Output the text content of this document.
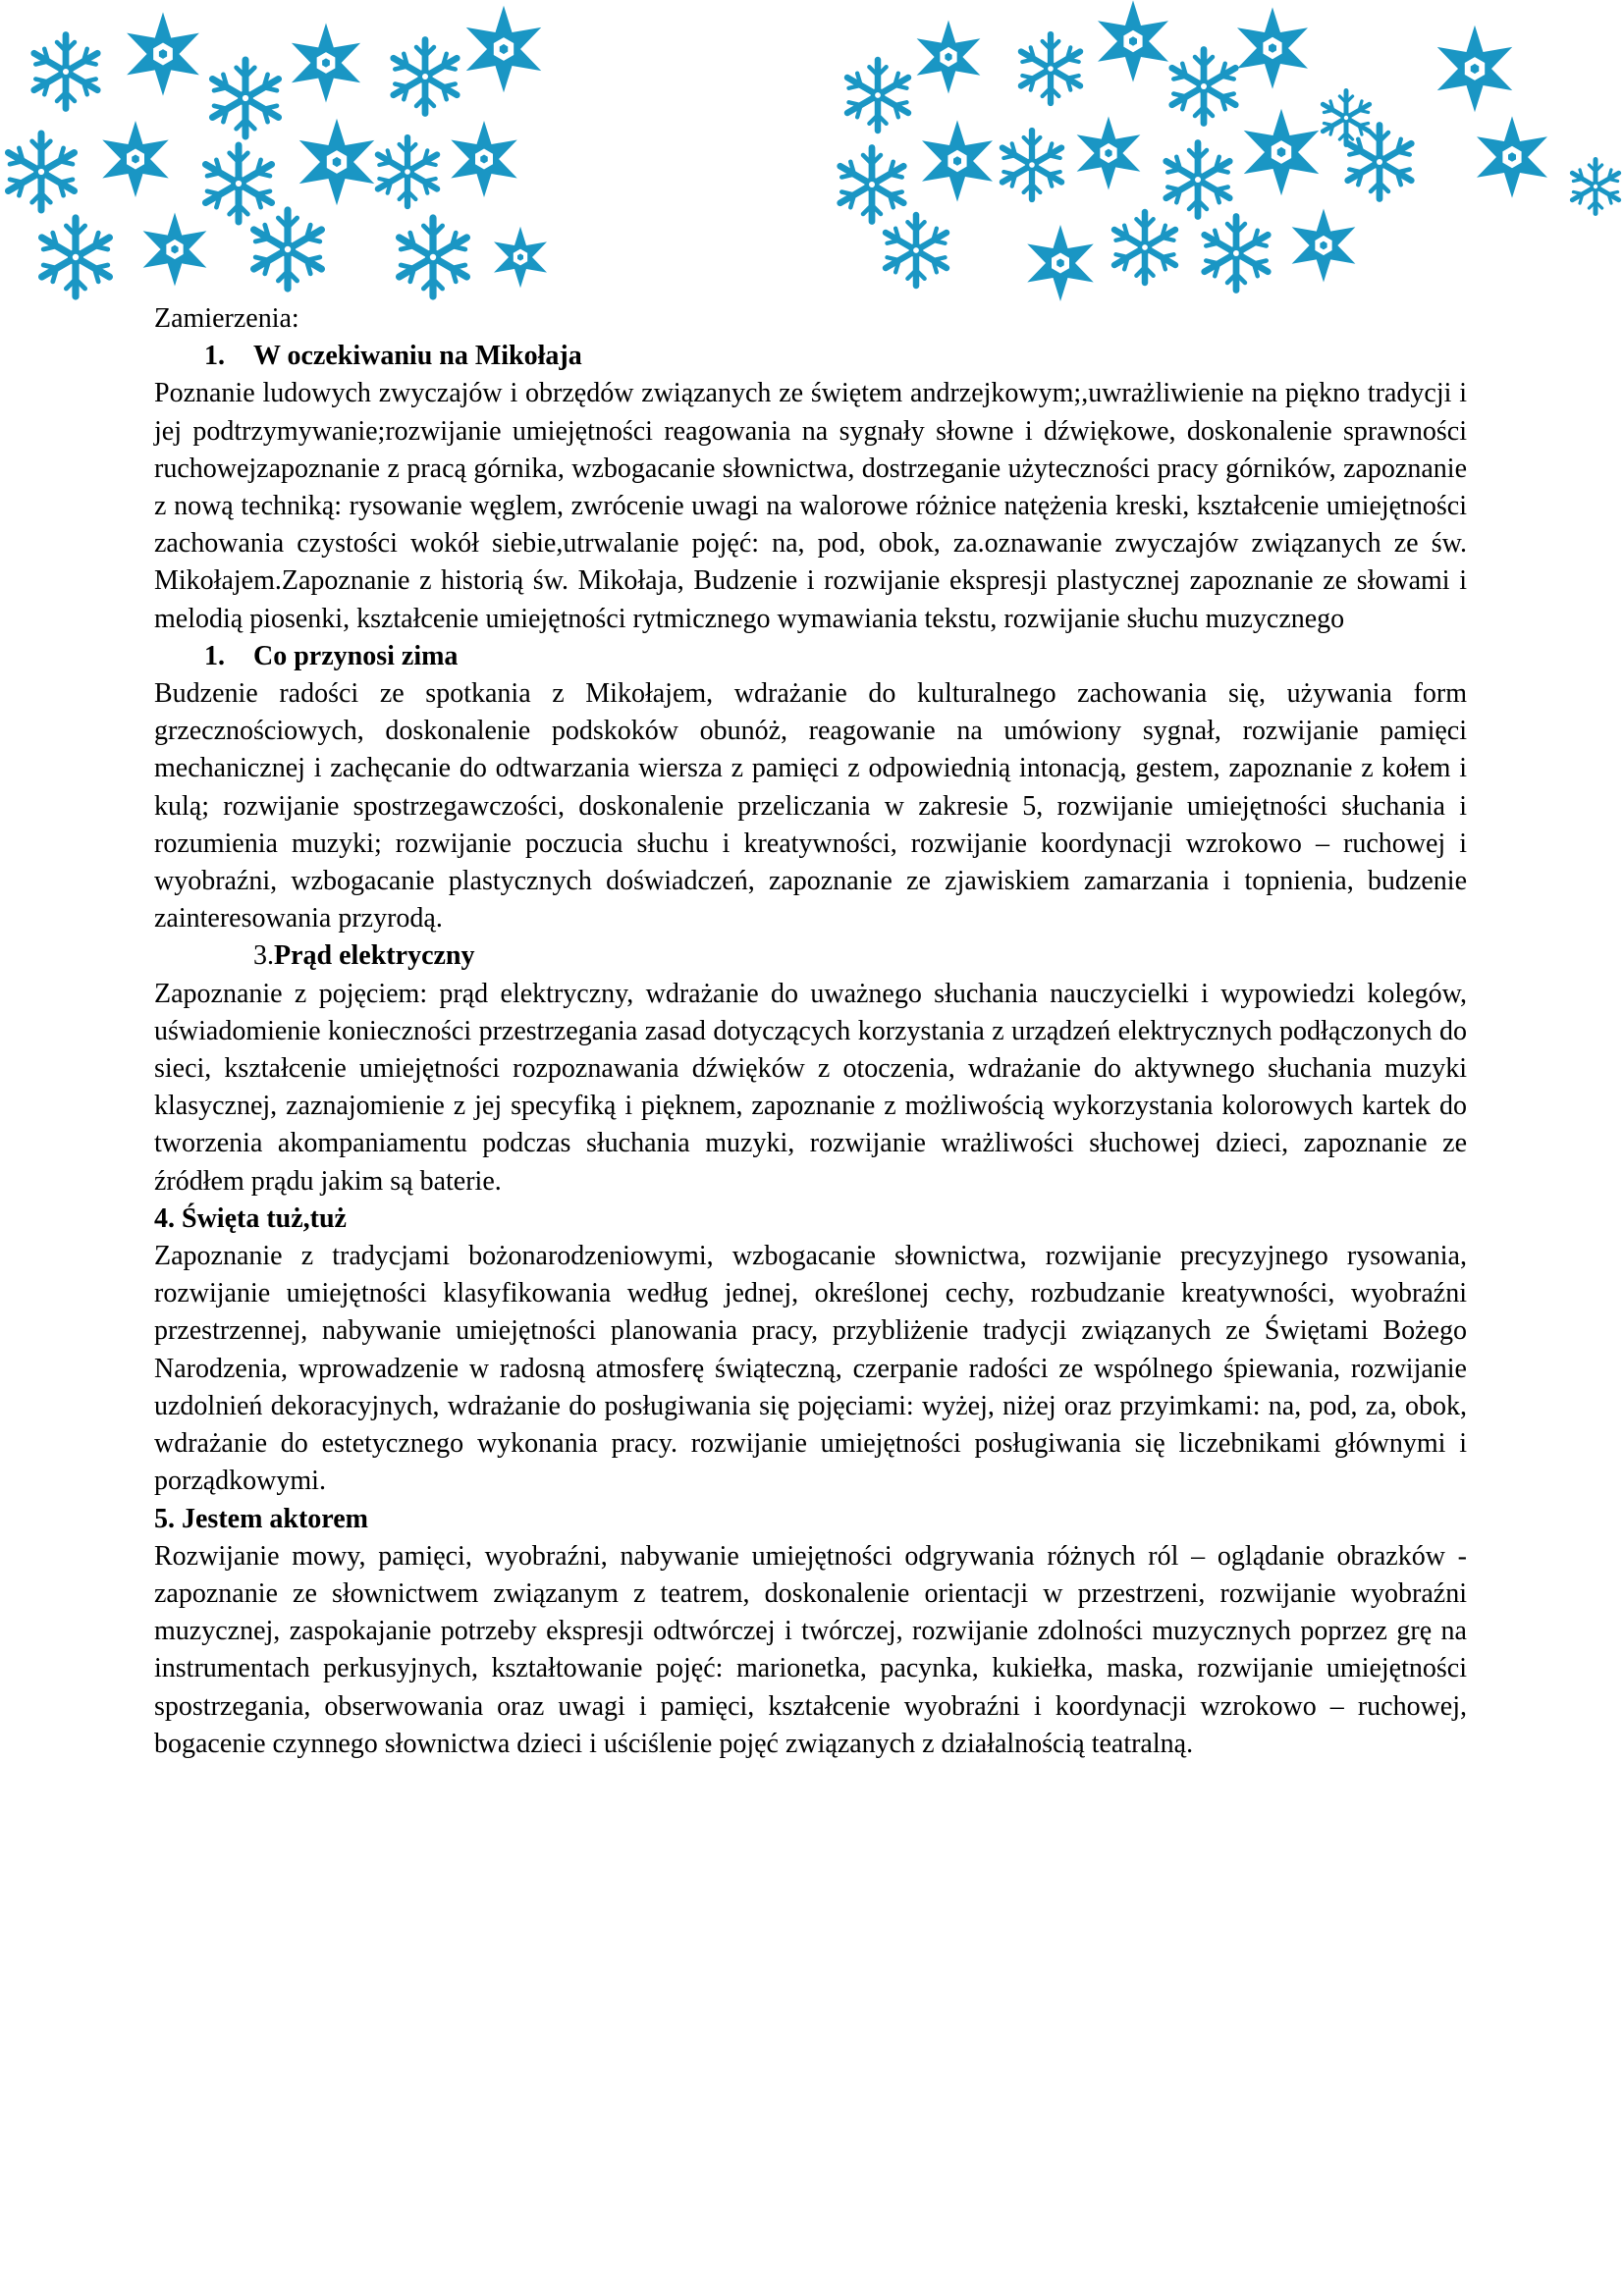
Zamierzenia:
1. W oczekiwaniu na Mikołaja

Poznanie ludowych zwyczajów i obrzędów związanych ze świętem andrzejkowym;,uwrażliwienie na piękno tradycji i jej podtrzymywanie;rozwijanie umiejętności reagowania na sygnały słowne i dźwiękowe, doskonalenie sprawności ruchowejzapoznanie z pracą górnika, wzbogacanie słownictwa, dostrzeganie użyteczności pracy górników, zapoznanie z nową techniką: rysowanie węglem, zwrócenie uwagi na walorowe różnice natężenia kreski, kształcenie umiejętności zachowania czystości wokół siebie,utrwalanie pojęć: na, pod, obok, za.oznawanie zwyczajów związanych ze św. Mikołajem.Zapoznanie z historią św. Mikołaja, Budzenie i rozwijanie ekspresji plastycznej zapoznanie ze słowami i melodią piosenki, kształcenie umiejętności rytmicznego wymawiania tekstu, rozwijanie słuchu muzycznego

1. Co przynosi zima

Budzenie radości ze spotkania z Mikołajem, wdrażanie do kulturalnego zachowania się, używania form grzecznościowych, doskonalenie podskoków obunóż, reagowanie na umówiony sygnał, rozwijanie pamięci mechanicznej i zachęcanie do odtwarzania wiersza z pamięci z odpowiednią intonacją, gestem, zapoznanie z kołem i kulą; rozwijanie spostrzegawczości, doskonalenie przeliczania w zakresie 5, rozwijanie umiejętności słuchania i rozumienia muzyki; rozwijanie poczucia słuchu i kreatywności, rozwijanie koordynacji wzrokowo – ruchowej i wyobraźni, wzbogacanie plastycznych doświadczeń, zapoznanie ze zjawiskiem zamarzania i topnienia, budzenie zainteresowania przyrodą.

3.Prąd elektryczny

Zapoznanie z pojęciem: prąd elektryczny, wdrażanie do uważnego słuchania nauczycielki i wypowiedzi kolegów, uświadomienie konieczności przestrzegania zasad dotyczących korzystania z urządzeń elektrycznych podłączonych do sieci, kształcenie umiejętności rozpoznawania dźwięków z otoczenia, wdrażanie do aktywnego słuchania muzyki klasycznej, zaznajomienie z jej specyfiką i pięknem, zapoznanie z możliwością wykorzystania kolorowych kartek do tworzenia akompaniamentu podczas słuchania muzyki, rozwijanie wrażliwości słuchowej dzieci, zapoznanie ze źródłem prądu jakim są baterie.

4. Święta tuż,tuż

Zapoznanie z tradycjami bożonarodzeniowymi, wzbogacanie słownictwa, rozwijanie precyzyjnego rysowania, rozwijanie umiejętności klasyfikowania według jednej, określonej cechy, rozbudzanie kreatywności, wyobraźni przestrzennej, nabywanie umiejętności planowania pracy, przybliżenie tradycji związanych ze Świętami Bożego Narodzenia, wprowadzenie w radosną atmosferę świąteczną, czerpanie radości ze wspólnego śpiewania, rozwijanie uzdolnień dekoracyjnych, wdrażanie do posługiwania się pojęciami: wyżej, niżej oraz przyimkami: na, pod, za, obok, wdrażanie do estetycznego wykonania pracy. rozwijanie umiejętności posługiwania się liczebnikami głównymi i porządkowymi.

5. Jestem aktorem

Rozwijanie mowy, pamięci, wyobraźni, nabywanie umiejętności odgrywania różnych ról – oglądanie obrazków - zapoznanie ze słownictwem związanym z teatrem, doskonalenie orientacji w przestrzeni, rozwijanie wyobraźni muzycznej, zaspokajanie potrzeby ekspresji odtwórczej i twórczej, rozwijanie zdolności muzycznych poprzez grę na instrumentach perkusyjnych, kształtowanie pojęć: marionetka, pacynka, kukiełka, maska, rozwijanie umiejętności spostrzegania, obserwowania oraz uwagi i pamięci, kształcenie wyobraźni i koordynacji wzrokowo – ruchowej, bogacenie czynnego słownictwa dzieci i uściślenie pojęć związanych z działalnością teatralną.
